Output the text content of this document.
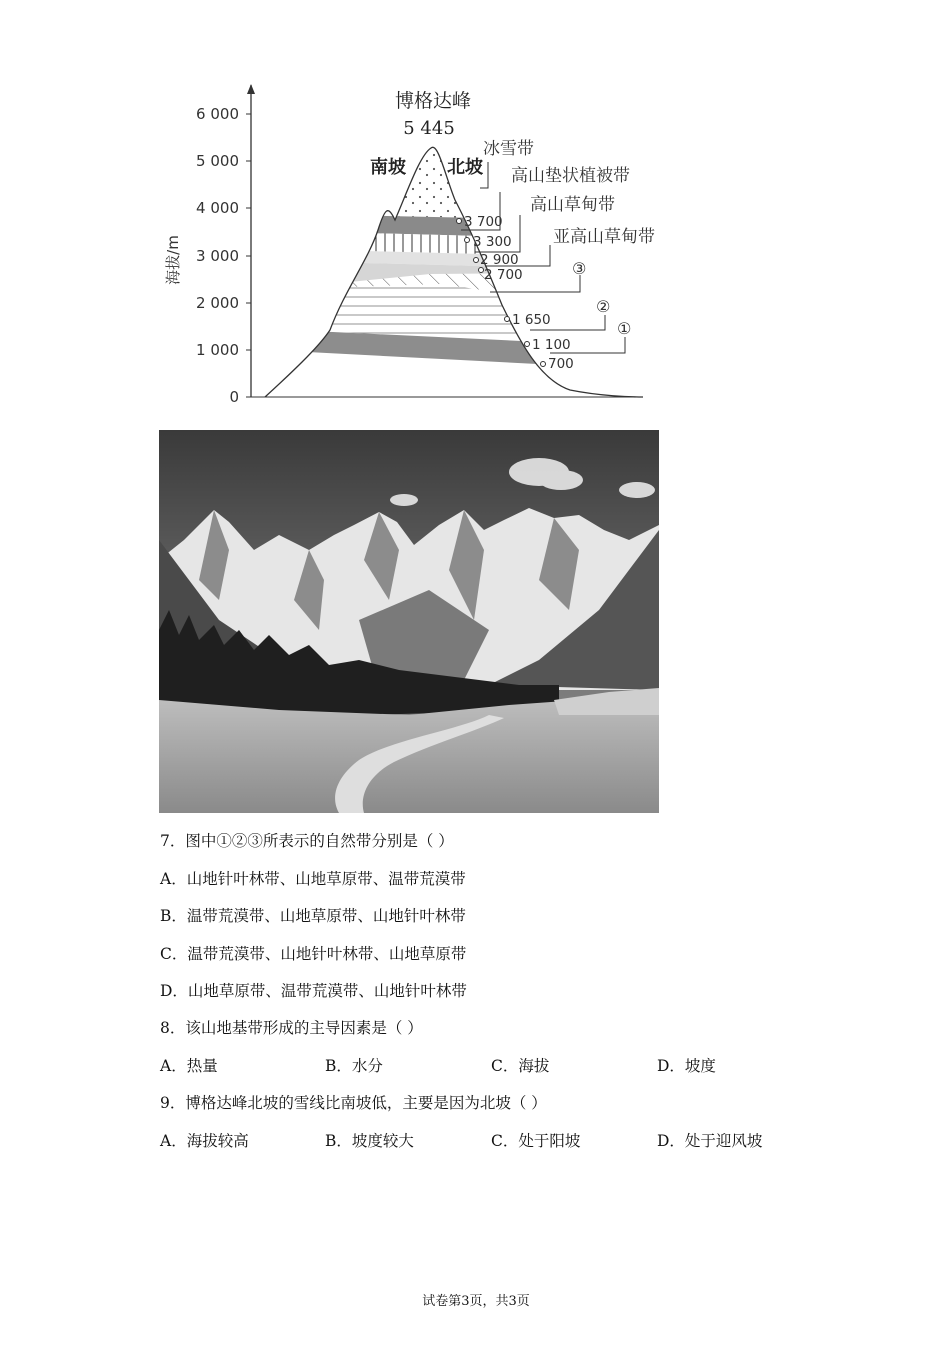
6 000
5 000
4 000
3 000
2 000
1 000
0
海拔/m
博格达峰
5 445
南坡 北坡
3 700
3 300
2 900
2 700
1 650
1 100
700
冰雪带
高山垫状植被带
高山草甸带
亚高山草甸带
③
②
①
7．图中①②③所表示的自然带分别是（ ）
A．山地针叶林带、山地草原带、温带荒漠带
B．温带荒漠带、山地草原带、山地针叶林带
C．温带荒漠带、山地针叶林带、山地草原带
D．山地草原带、温带荒漠带、山地针叶林带
8．该山地基带形成的主导因素是（ ）
A．热量	B．水分	C．海拔	D．坡度
9．博格达峰北坡的雪线比南坡低，主要是因为北坡（ ）
A．海拔较高	B．坡度较大	C．处于阳坡	D．处于迎风坡
试卷第3页，共3页
